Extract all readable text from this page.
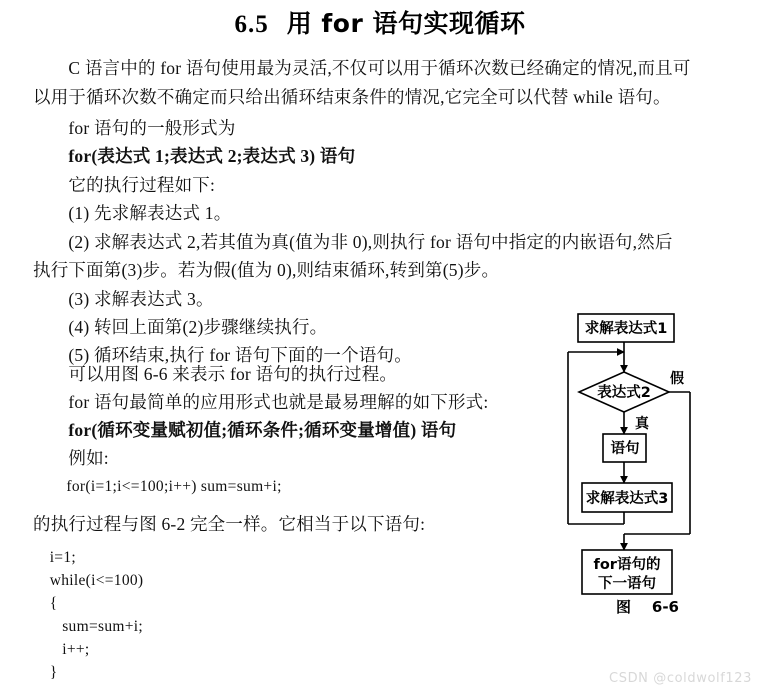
6.5 用 for 语句实现循环
　　C 语言中的 for 语句使用最为灵活,不仅可以用于循环次数已经确定的情况,而且可
以用于循环次数不确定而只给出循环结束条件的情况,它完全可以代替 while 语句。
　　for 语句的一般形式为
　　for(表达式 1;表达式 2;表达式 3) 语句
　　它的执行过程如下:
　　(1) 先求解表达式 1。
　　(2) 求解表达式 2,若其值为真(值为非 0),则执行 for 语句中指定的内嵌语句,然后
执行下面第(3)步。若为假(值为 0),则结束循环,转到第(5)步。
　　(3) 求解表达式 3。
　　(4) 转回上面第(2)步骤继续执行。
　　(5) 循环结束,执行 for 语句下面的一个语句。
　　可以用图 6-6 来表示 for 语句的执行过程。
　　for 语句最简单的应用形式也就是最易理解的如下形式:
　　for(循环变量赋初值;循环条件;循环变量增值) 语句
　　例如:
for(i=1;i<=100;i++) sum=sum+i;
的执行过程与图 6-2 完全一样。它相当于以下语句:
i=1;
while(i<=100)
{
sum=sum+i;
i++;
}
求解表达式1
表达式2
假
真
语句
求解表达式3
for语句的
下一语句
图    6-6
CSDN @coldwolf123
